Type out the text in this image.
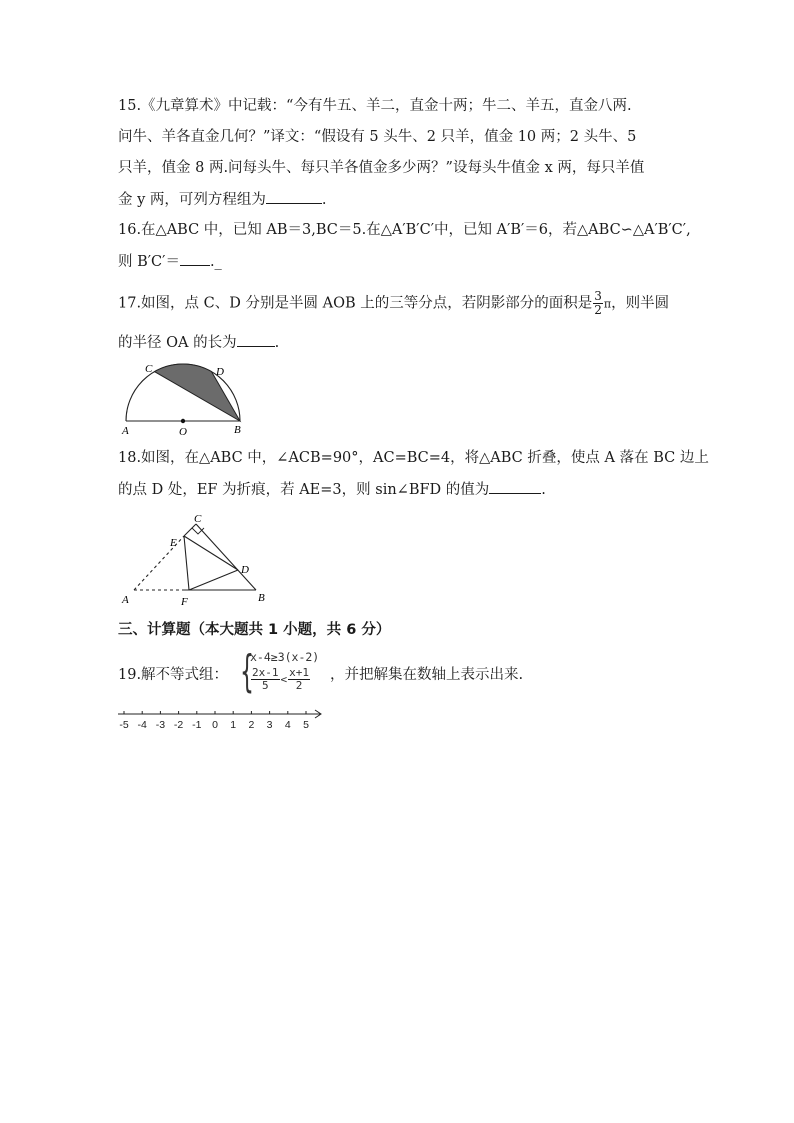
15.《九章算术》中记载：“今有牛五、羊二，直金十两；牛二、羊五，直金八两.
问牛、羊各直金几何？”译文：“假设有 5 头牛、2 只羊，值金 10 两；2 头牛、5
只羊，值金 8 两.问每头牛、每只羊各值金多少两？”设每头牛值金 x 两，每只羊值
金 y 两，可列方程组为	.
16.在△ABC 中，已知 AB＝3,BC＝5.在△A′B′C′中，已知 A′B′＝6，若△ABC∽△A′B′C′,
则 B′C′＝ ._
17.如图，点 C、D 分别是半圆 AOB 上的三等分点，若阴影部分的面积是 $\frac{3}{2}$ π，则半圆
的半径 OA 的长为	.
A	O	B
C	D
18.如图，在△ABC 中，∠ACB=90°，AC=BC=4，将△ABC 折叠，使点 A 落在 BC 边上
的点 D 处，EF 为折痕，若 AE=3，则 sin∠BFD 的值为	.
A	B
C
D
E
F
三、计算题（本大题共 1 小题，共 6 分）
19.解不等式组： {
x-4≥3(x-2)
$\frac{2x-1}{5} < \frac{x+1}{2}$ ，并把解集在数轴上表示出来.
-5 -4 -3 -2 -1 0 1 2 3 4 5
